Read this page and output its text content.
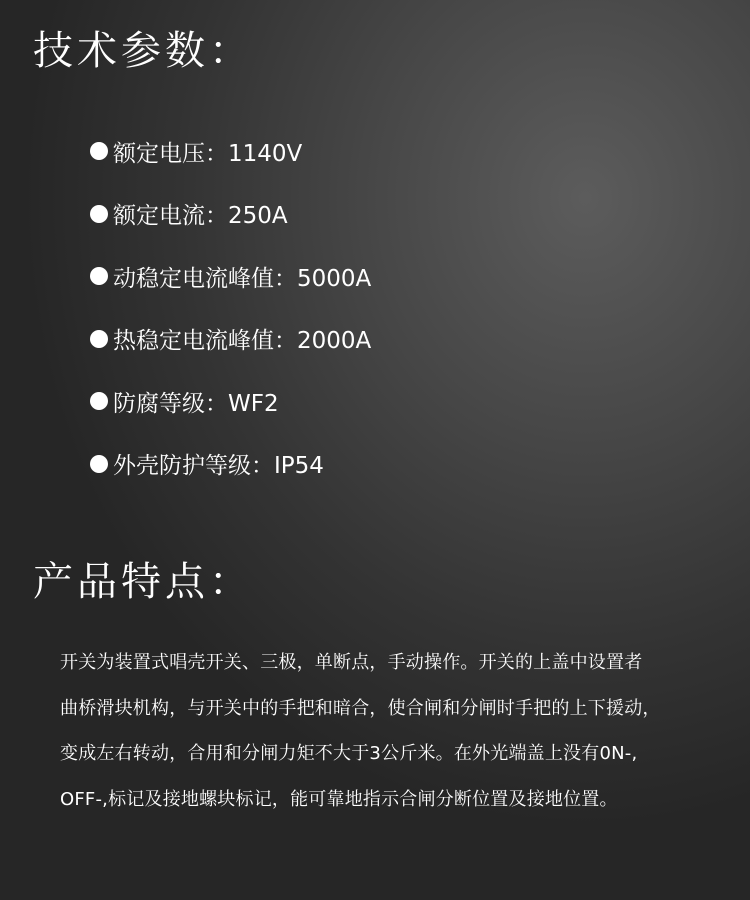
技术参数：
额定电压：1140V
额定电流：250A
动稳定电流峰值：5000A
热稳定电流峰值：2000A
防腐等级：WF2
外壳防护等级：IP54
产品特点：

开关为装置式唱壳开关、三极，单断点，手动操作。开关的上盖中设置者
曲桥滑块机构，与开关中的手把和暗合，使合闸和分闸时手把的上下援动，
变成左右转动，合用和分闸力矩不大于3公斤米。在外光端盖上没有0N-,
OFF-,标记及接地螺块标记，能可靠地指示合闸分断位置及接地位置。
